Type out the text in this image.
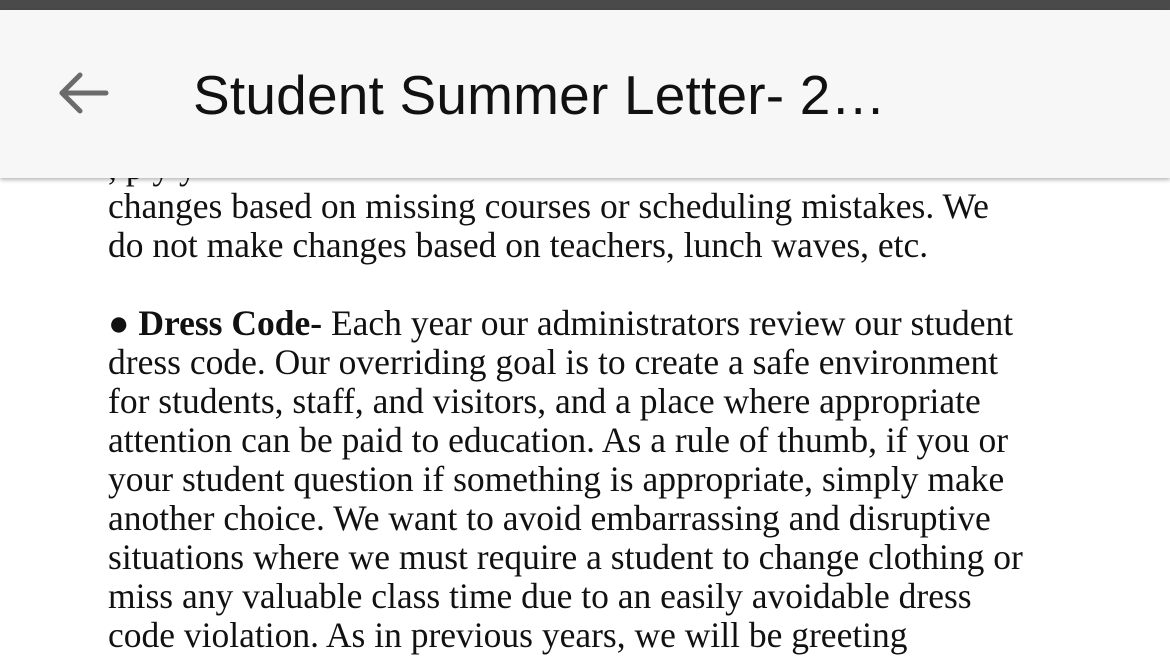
Student Summer Letter- 2…
changes based on missing courses or scheduling mistakes. We
do not make changes based on teachers, lunch waves, etc.
● Dress Code- Each year our administrators review our student
dress code. Our overriding goal is to create a safe environment
for students, staff, and visitors, and a place where appropriate
attention can be paid to education. As a rule of thumb, if you or
your student question if something is appropriate, simply make
another choice. We want to avoid embarrassing and disruptive
situations where we must require a student to change clothing or
miss any valuable class time due to an easily avoidable dress
code violation. As in previous years, we will be greeting
